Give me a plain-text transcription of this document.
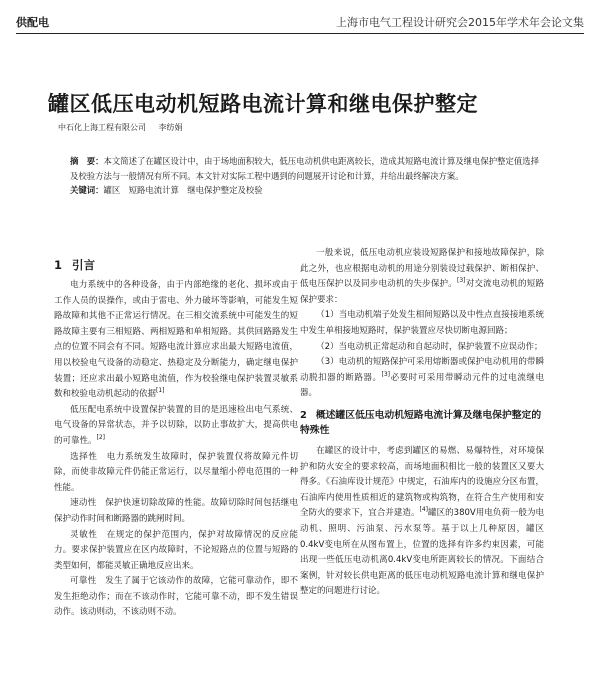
供配电	上海市电气工程设计研究会2015年学术年会论文集
罐区低压电动机短路电流计算和继电保护整定
中石化上海工程有限公司 李纺娟

摘　要：本文简述了在罐区设计中，由于场地面积较大，低压电动机供电距离较长，造成其短路电流计算及继电保护整定值选择及校验方法与一般情况有所不同。本文针对实际工程中遇到的问题展开讨论和计算，并给出最终解决方案。

关键词：罐区　短路电流计算　继电保护整定及校验

1 引言

电力系统中的各种设备，由于内部绝缘的老化、损坏或由于工作人员的误操作，或由于雷电、外力破坏等影响，可能发生短路故障和其他不正常运行情况。在三相交流系统中可能发生的短路故障主要有三相短路、两相短路和单相短路。其供回路路发生点的位置不同会有不同。短路电流计算应求出最大短路电流值，用以校验电气设备的动稳定、热稳定及分断能力，确定继电保护装置；还应求出最小短路电流值，作为校验继电保护装置灵敏系数和校验电动机起动的依据[1]

低压配电系统中设置保护装置的目的是迅速检出电气系统、电气设备的异常状态，并予以切除，以防止事故扩大，提高供电的可靠性。[2]

选择性　电力系统发生故障时，保护装置仅将故障元件切除，而使非故障元件仍能正常运行，以尽量缩小停电范围的一种性能。

速动性　保护快速切除故障的性能。故障切除时间包括继电保护动作时间和断路器的跳闸时间。

灵敏性　在规定的保护范围内，保护对故障情况的反应能力。要求保护装置应在区内故障时，不论短路点的位置与短路的类型如何，都能灵敏正确地反应出来。

可靠性　发生了属于它该动作的故障，它能可靠动作，即不发生拒绝动作；而在不该动作时，它能可靠不动，即不发生错误动作。该动则动，不该动则不动。

一般来说，低压电动机应装设短路保护和接地故障保护，除此之外，也应根据电动机的用途分别装设过载保护、断相保护、低电压保护以及同步电动机的失步保护。[3]对交流电动机的短路保护要求：

（1）当电动机端子处发生相间短路以及中性点直接接地系统中发生单相接地短路时，保护装置应尽快切断电源回路；

（2）当电动机正常起动和自起动时，保护装置不应误动作；

（3）电动机的短路保护可采用熔断器或保护电动机用的带瞬动脱扣器的断路器。[3]必要时可采用带瞬动元件的过电流继电器。

2 概述罐区低压电动机短路电流计算及继电保护整定的特殊性

在罐区的设计中，考虑到罐区的易燃、易爆特性，对环境保护和防火安全的要求较高，而场地面积相比一般的装置区又要大得多。《石油库设计规范》中规定，石油库内的设施应分区布置，石油库内使用性质相近的建筑物或构筑物，在符合生产使用和安全防火的要求下，宜合并建造。[4]罐区的380V用电负荷一般为电动机、照明、污油泵、污水泵等。基于以上几种原因，罐区0.4kV变电所在从图布置上，位置的选择有许多约束因素，可能出现一些低压电动机离0.4kV变电所距离较长的情况。下面结合案例，针对较长供电距离的低压电动机短路电流计算和继电保护整定的问题进行讨论。
